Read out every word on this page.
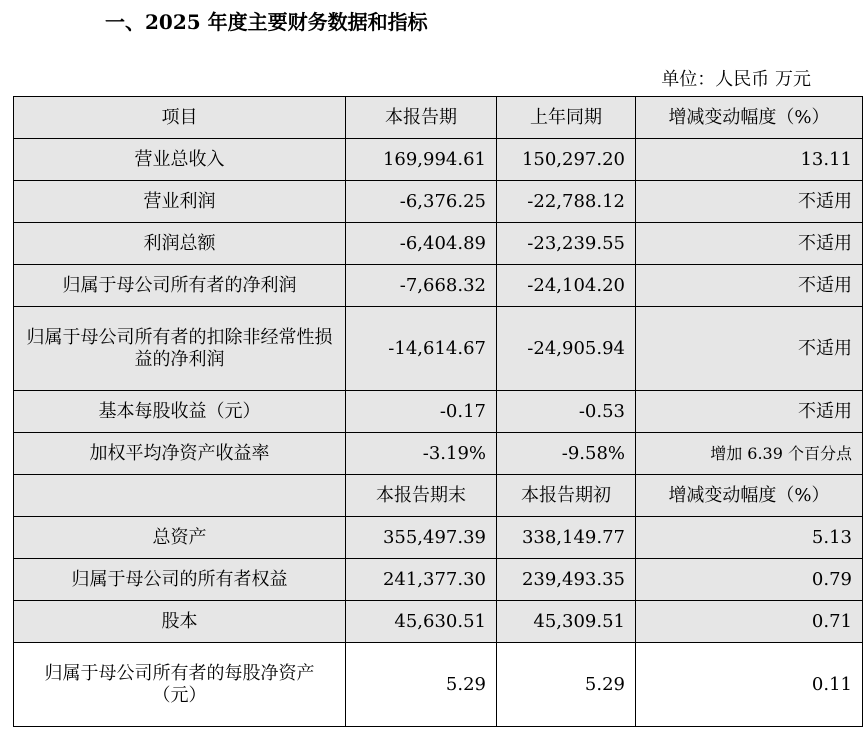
一、2025 年度主要财务数据和指标
单位：人民币 万元
项目	本报告期	上年同期	增减变动幅度（%）
营业总收入	169,994.61	150,297.20	13.11
营业利润	-6,376.25	-22,788.12	不适用
利润总额	-6,404.89	-23,239.55	不适用
归属于母公司所有者的净利润	-7,668.32	-24,104.20	不适用
归属于母公司所有者的扣除非经常性损益的净利润	-14,614.67	-24,905.94	不适用
基本每股收益（元）	-0.17	-0.53	不适用
加权平均净资产收益率	-3.19%	-9.58%	增加 6.39 个百分点
	本报告期末	本报告期初	增减变动幅度（%）
总资产	355,497.39	338,149.77	5.13
归属于母公司的所有者权益	241,377.30	239,493.35	0.79
股本	45,630.51	45,309.51	0.71
归属于母公司所有者的每股净资产（元）	5.29	5.29	0.11
